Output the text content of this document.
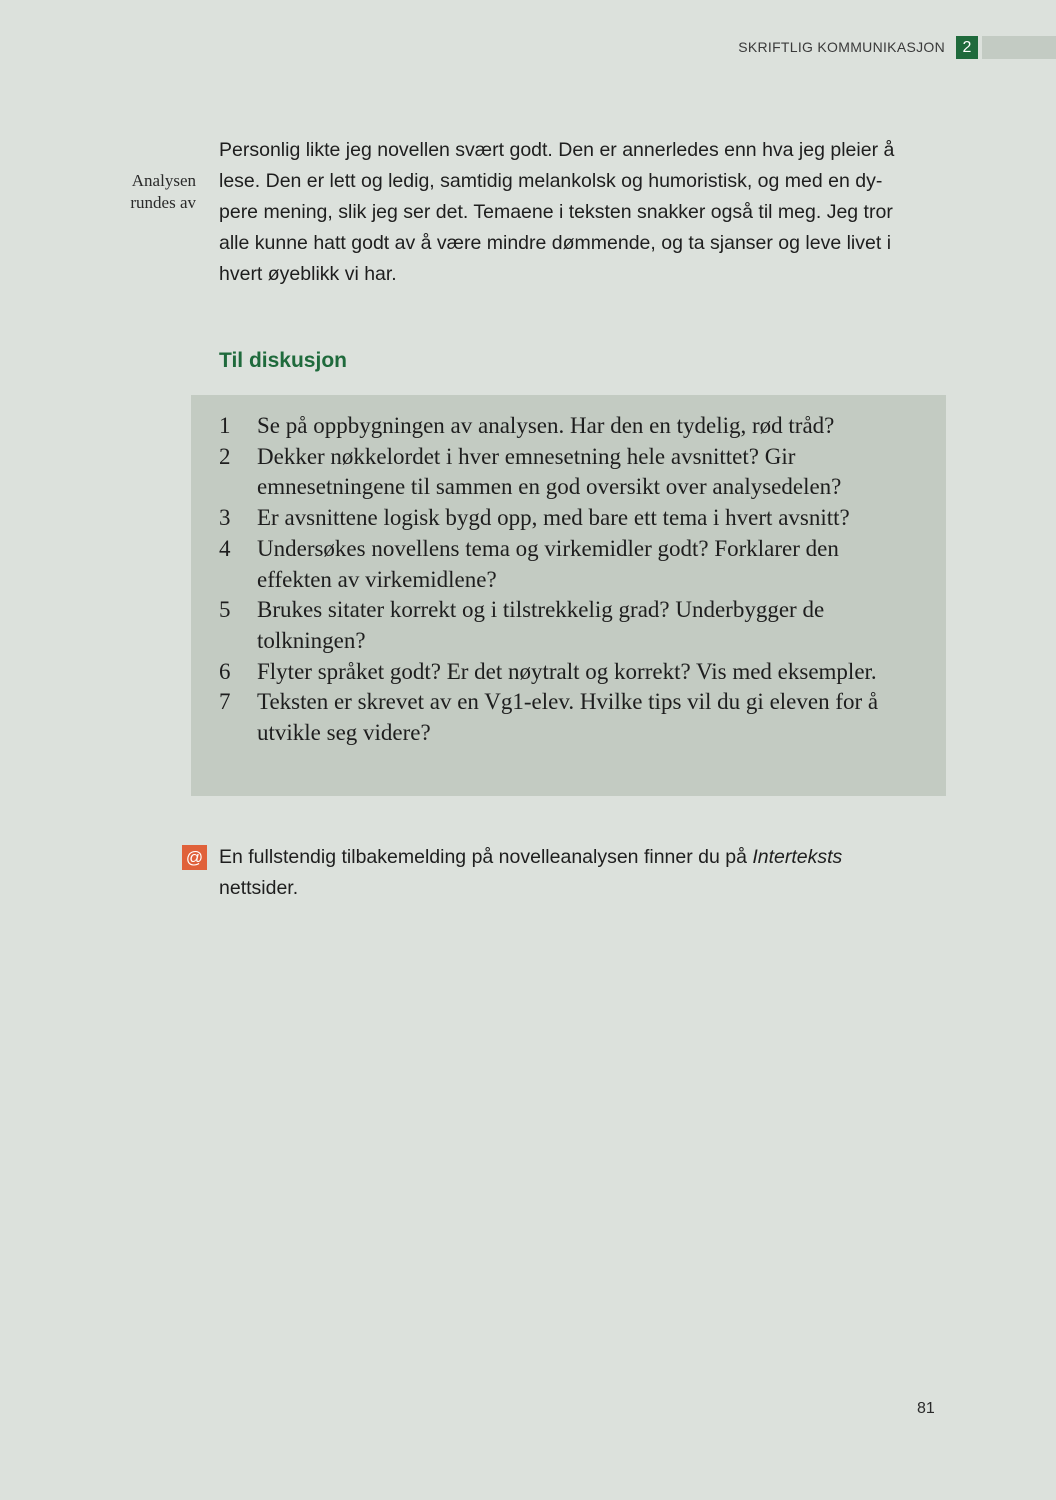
SKRIFTLIG KOMMUNIKASJON	2
Analysen
rundes av
Personlig likte jeg novellen svært godt. Den er annerledes enn hva jeg pleier å
lese. Den er lett og ledig, samtidig melankolsk og humoristisk, og med en dy-
pere mening, slik jeg ser det. Temaene i teksten snakker også til meg. Jeg tror
alle kunne hatt godt av å være mindre dømmende, og ta sjanser og leve livet i
hvert øyeblikk vi har.
Til diskusjon
1	Se på oppbygningen av analysen. Har den en tydelig, rød tråd?
2	Dekker nøkkelordet i hver emnesetning hele avsnittet? Gir
emnesetningene til sammen en god oversikt over analysedelen?
3	Er avsnittene logisk bygd opp, med bare ett tema i hvert avsnitt?
4	Undersøkes novellens tema og virkemidler godt? Forklarer den
effekten av virkemidlene?
5	Brukes sitater korrekt og i tilstrekkelig grad? Underbygger de
tolkningen?
6	Flyter språket godt? Er det nøytralt og korrekt? Vis med eksempler.
7	Teksten er skrevet av en Vg1-elev. Hvilke tips vil du gi eleven for å
utvikle seg videre?
@ En fullstendig tilbakemelding på novelleanalysen finner du på Interteksts
nettsider.
81
